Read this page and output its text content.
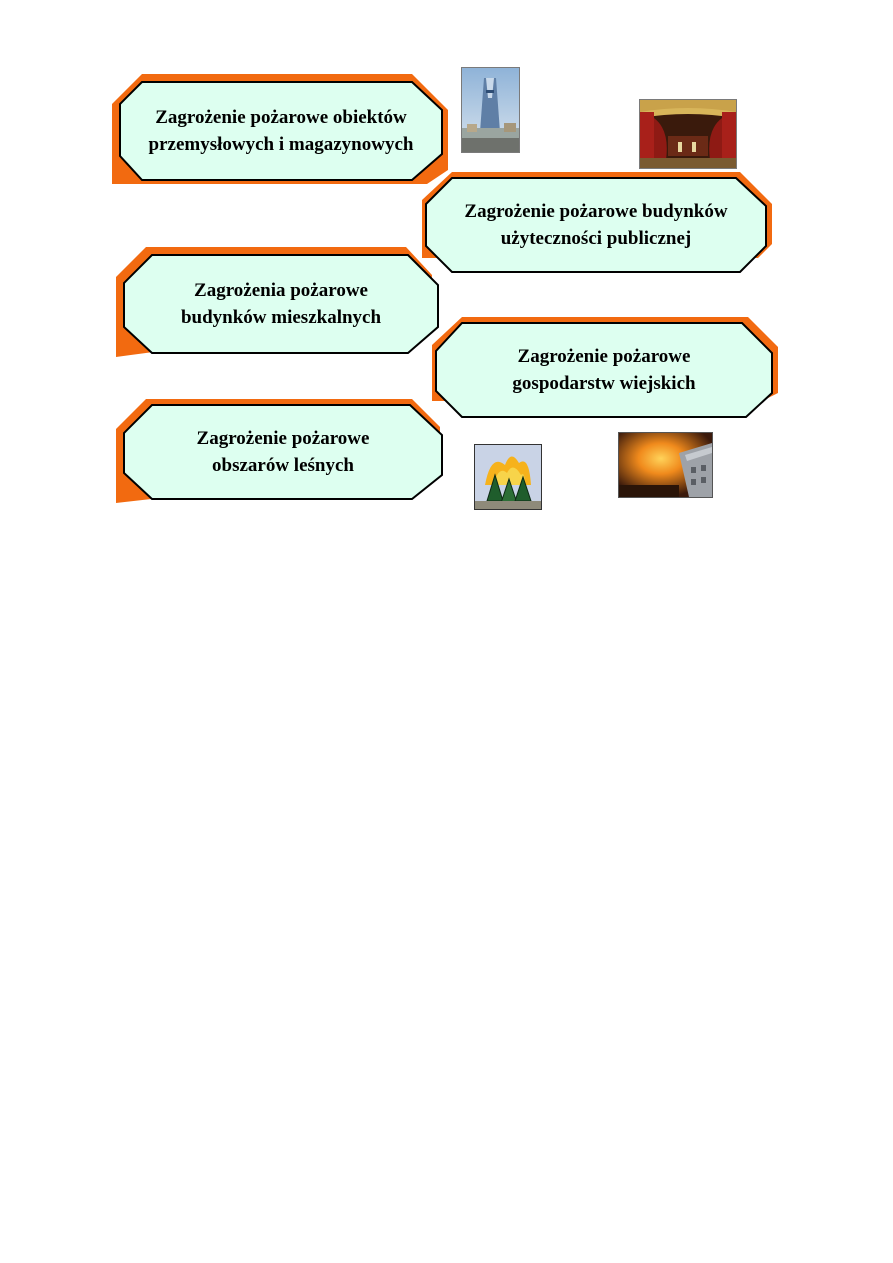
Zagrożenie pożarowe obiektów
przemysłowych i magazynowych
Zagrożenie pożarowe budynków
użyteczności publicznej
Zagrożenia pożarowe
budynków mieszkalnych
Zagrożenie pożarowe
gospodarstw wiejskich
Zagrożenie pożarowe
obszarów leśnych
